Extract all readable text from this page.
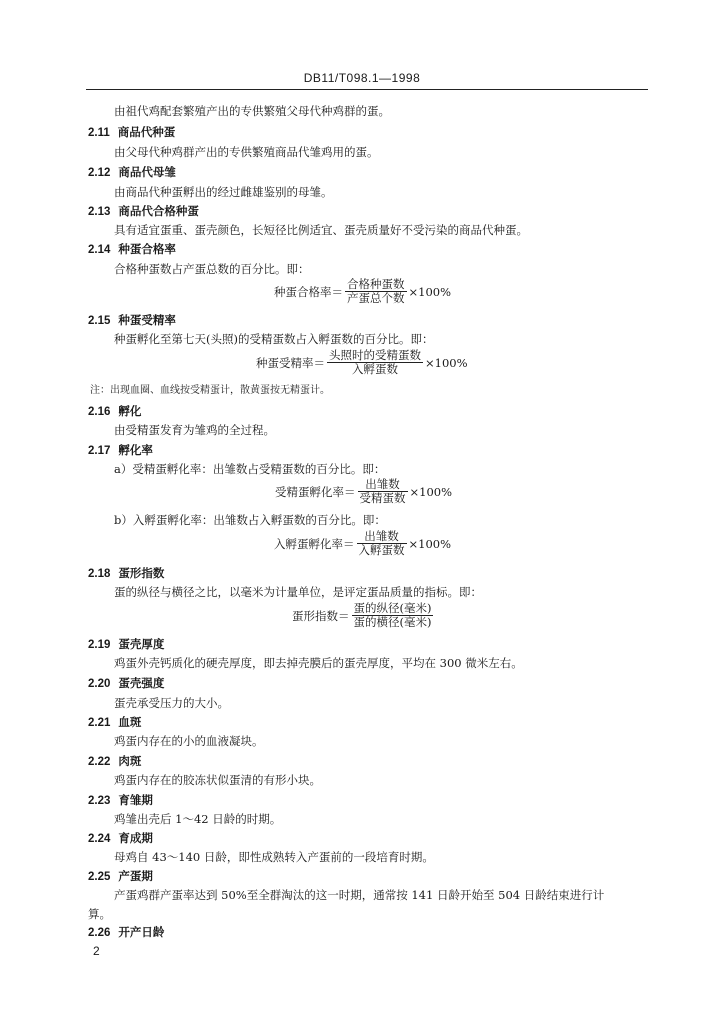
DB11/T098.1—1998
由祖代鸡配套繁殖产出的专供繁殖父母代种鸡群的蛋。
2.11 商品代种蛋
由父母代种鸡群产出的专供繁殖商品代雏鸡用的蛋。
2.12 商品代母雏
由商品代种蛋孵出的经过雌雄鉴别的母雏。
2.13 商品代合格种蛋
具有适宜蛋重、蛋壳颜色，长短径比例适宜、蛋壳质量好不受污染的商品代种蛋。
2.14 种蛋合格率
合格种蛋数占产蛋总数的百分比。即：
种蛋合格率＝ $\frac{\text{合格种蛋数}}{\text{产蛋总个数}} \times 100\%$
2.15 种蛋受精率
种蛋孵化至第七天(头照)的受精蛋数占入孵蛋数的百分比。即：
种蛋受精率＝ $\frac{\text{头照时的受精蛋数}}{\text{入孵蛋数}} \times 100\%$
注：出现血圈、血线按受精蛋计，散黄蛋按无精蛋计。
2.16 孵化
由受精蛋发育为雏鸡的全过程。
2.17 孵化率
a）受精蛋孵化率：出雏数占受精蛋数的百分比。即：
受精蛋孵化率＝ $\frac{\text{出雏数}}{\text{受精蛋数}} \times 100\%$
b）入孵蛋孵化率：出雏数占入孵蛋数的百分比。即：
入孵蛋孵化率＝ $\frac{\text{出雏数}}{\text{入孵蛋数}} \times 100\%$
2.18 蛋形指数
蛋的纵径与横径之比，以毫米为计量单位，是评定蛋品质量的指标。即：
蛋形指数＝ $\frac{\text{蛋的纵径(毫米)}}{\text{蛋的横径(毫米)}}$
2.19 蛋壳厚度
鸡蛋外壳钙质化的硬壳厚度，即去掉壳膜后的蛋壳厚度，平均在 300 微米左右。
2.20 蛋壳强度
蛋壳承受压力的大小。
2.21 血斑
鸡蛋内存在的小的血液凝块。
2.22 肉斑
鸡蛋内存在的胶冻状似蛋清的有形小块。
2.23 育雏期
鸡雏出壳后 1～42 日龄的时期。
2.24 育成期
母鸡自 43～140 日龄，即性成熟转入产蛋前的一段培育时期。
2.25 产蛋期
产蛋鸡群产蛋率达到 50%至全群淘汰的这一时期，通常按 141 日龄开始至 504 日龄结束进行计
算。
2.26 开产日龄
2
